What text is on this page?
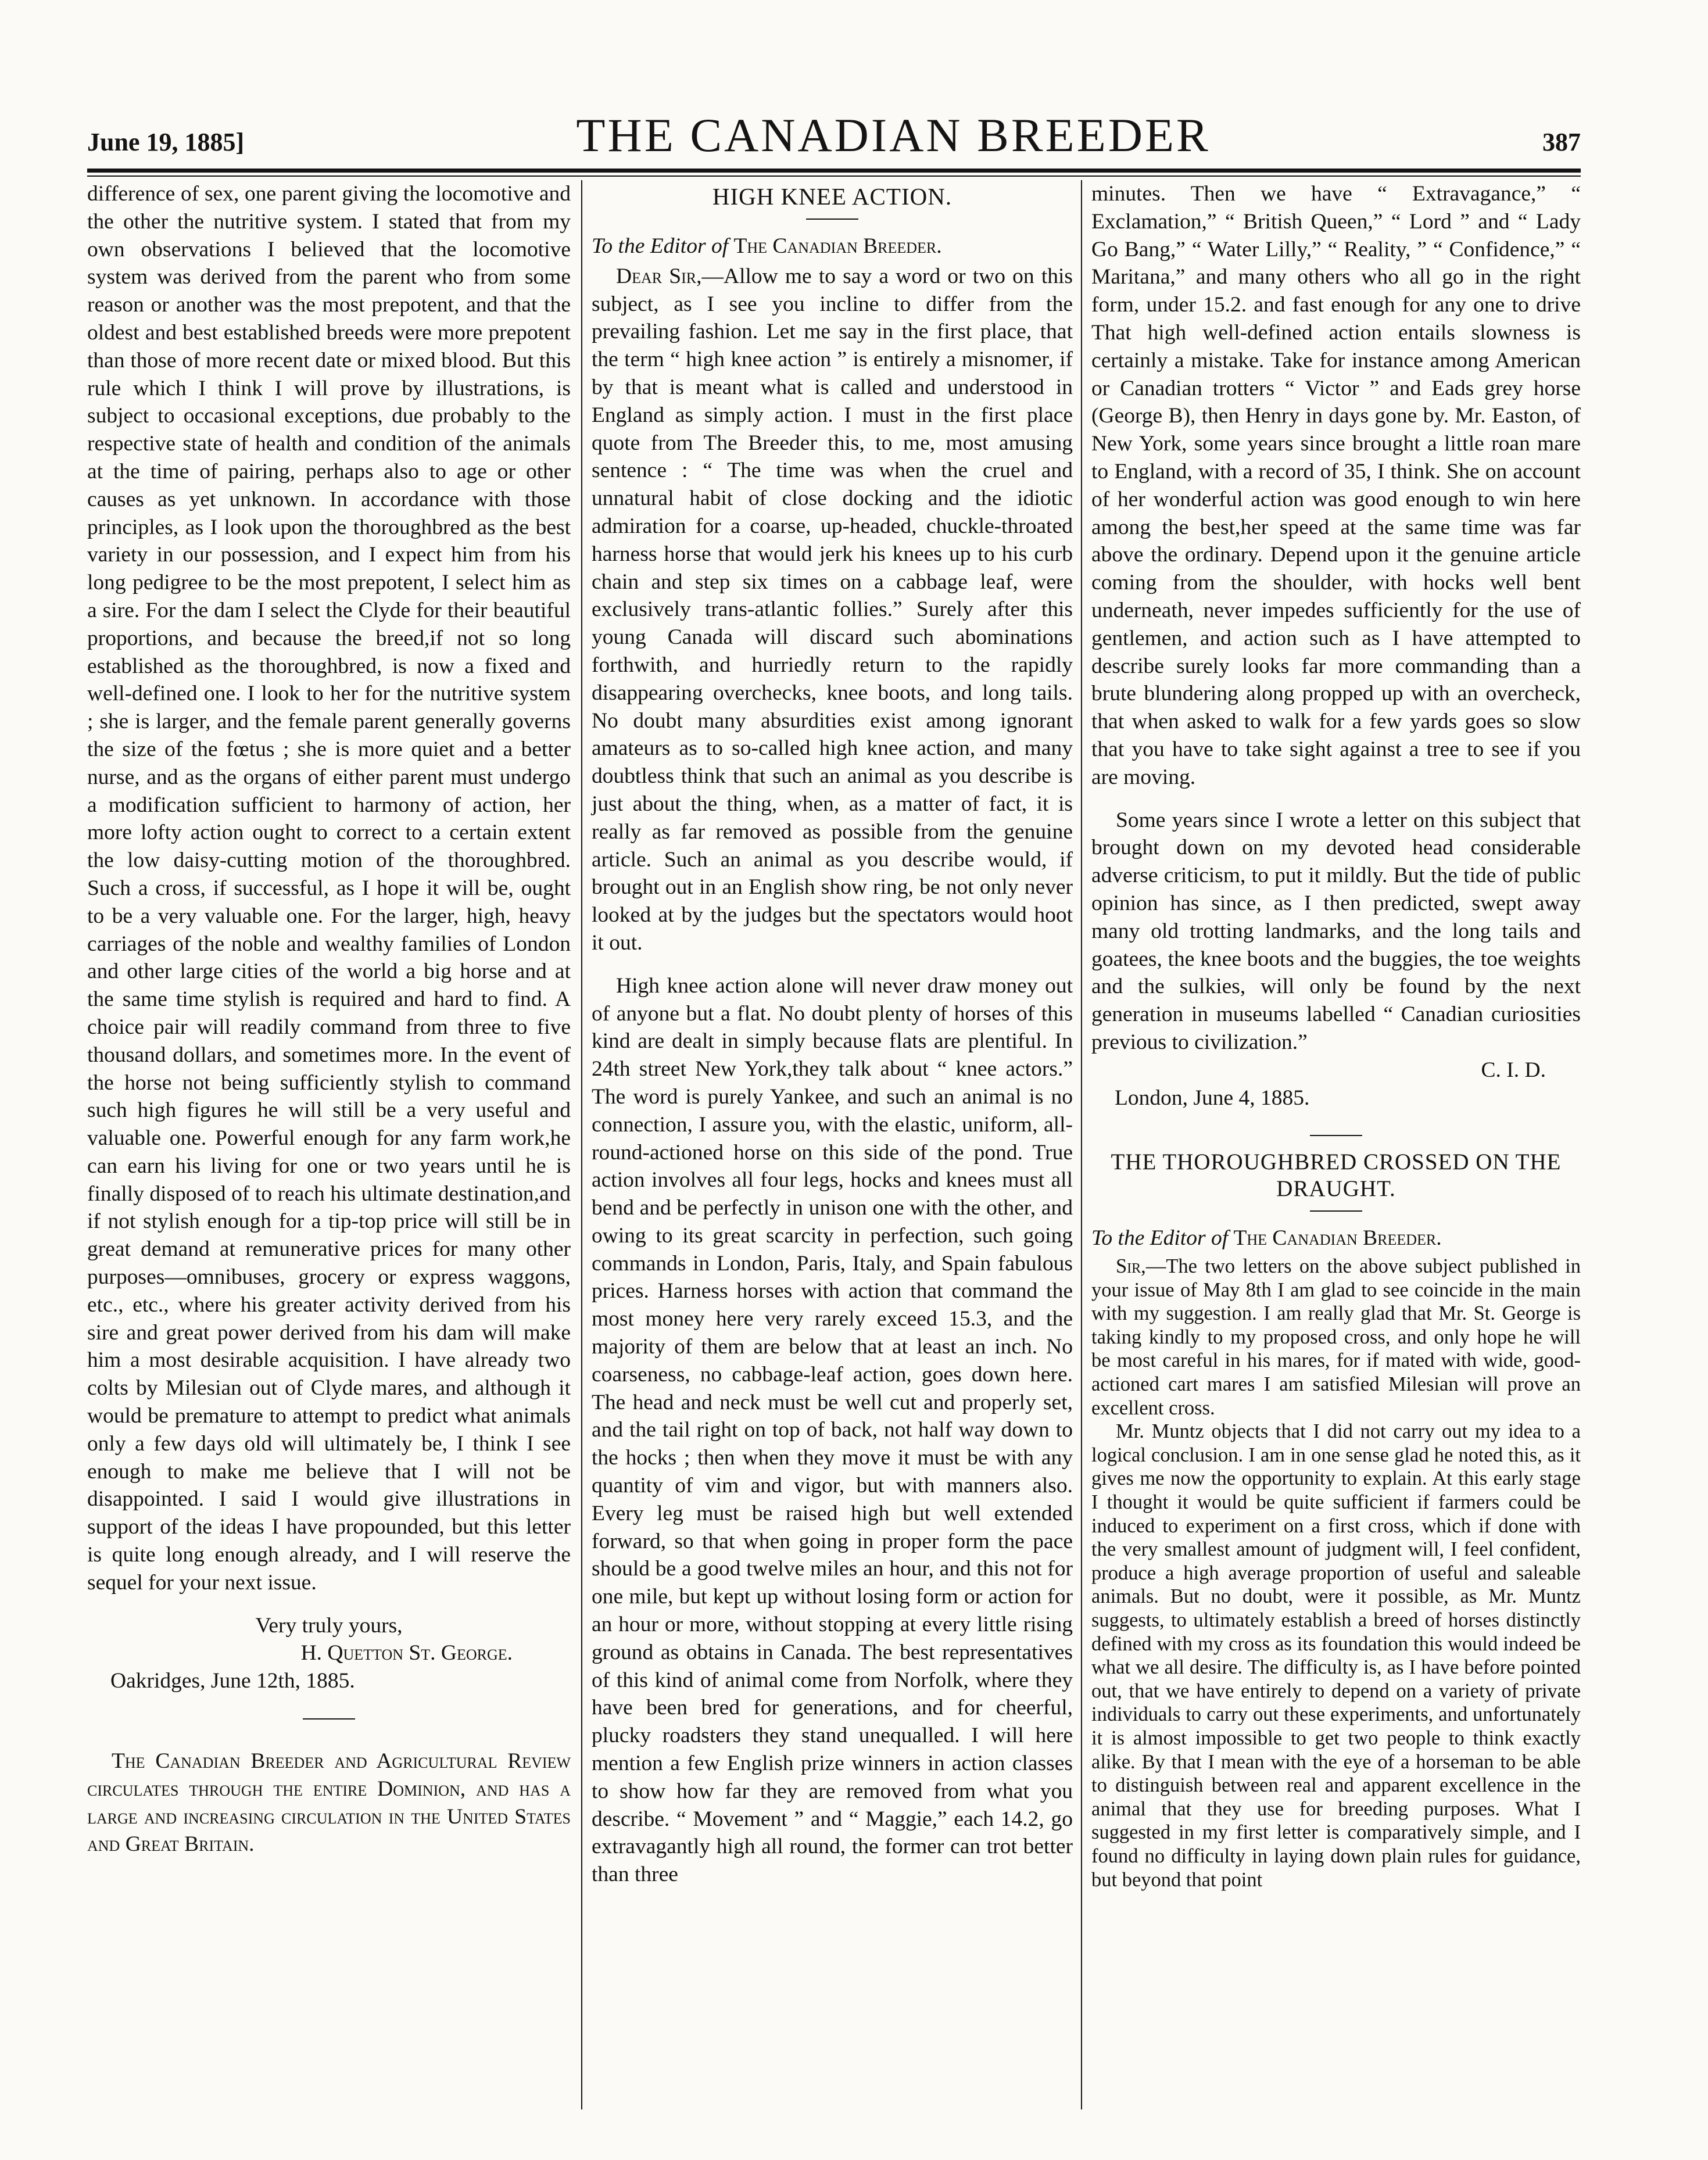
June 19, 1885]	THE CANADIAN BREEDER	387

difference of sex, one parent giving the locomotive and the other the nutritive system. I stated that from my own observations I believed that the locomotive system was derived from the parent who from some reason or another was the most prepotent, and that the oldest and best established breeds were more prepotent than those of more recent date or mixed blood. But this rule which I think I will prove by illustrations, is subject to occasional exceptions, due probably to the respective state of health and condition of the animals at the time of pairing, perhaps also to age or other causes as yet unknown. In accordance with those principles, as I look upon the thoroughbred as the best variety in our possession, and I expect him from his long pedigree to be the most prepotent, I select him as a sire. For the dam I select the Clyde for their beautiful proportions, and because the breed,if not so long established as the thoroughbred, is now a fixed and well-defined one. I look to her for the nutritive system ; she is larger, and the female parent generally governs the size of the fœtus ; she is more quiet and a better nurse, and as the organs of either parent must undergo a modification sufficient to harmony of action, her more lofty action ought to correct to a certain extent the low daisy-cutting motion of the thoroughbred. Such a cross, if successful, as I hope it will be, ought to be a very valuable one. For the larger, high, heavy carriages of the noble and wealthy families of London and other large cities of the world a big horse and at the same time stylish is required and hard to find. A choice pair will readily command from three to five thousand dollars, and sometimes more. In the event of the horse not being sufficiently stylish to command such high figures he will still be a very useful and valuable one. Powerful enough for any farm work,he can earn his living for one or two years until he is finally disposed of to reach his ultimate destination,and if not stylish enough for a tip-top price will still be in great demand at remunerative prices for many other purposes—omnibuses, grocery or express waggons, etc., etc., where his greater activity derived from his sire and great power derived from his dam will make him a most desirable acquisition. I have already two colts by Milesian out of Clyde mares, and although it would be premature to attempt to predict what animals only a few days old will ultimately be, I think I see enough to make me believe that I will not be disappointed. I said I would give illustrations in support of the ideas I have propounded, but this letter is quite long enough already, and I will reserve the sequel for your next issue.

Very truly yours,

H. Quetton St. George.

Oakridges, June 12th, 1885.

The Canadian Breeder and Agricultural Review circulates through the entire Dominion, and has a large and increasing circulation in the United States and Great Britain.

HIGH KNEE ACTION.

To the Editor of The Canadian Breeder.

Dear Sir,—Allow me to say a word or two on this subject, as I see you incline to differ from the prevailing fashion. Let me say in the first place, that the term “ high knee action ” is entirely a misnomer, if by that is meant what is called and understood in England as simply action. I must in the first place quote from The Breeder this, to me, most amusing sentence : “ The time was when the cruel and unnatural habit of close docking and the idiotic admiration for a coarse, up-headed, chuckle-throated harness horse that would jerk his knees up to his curb chain and step six times on a cabbage leaf, were exclusively trans-atlantic follies.” Surely after this young Canada will discard such abominations forthwith, and hurriedly return to the rapidly disappearing overchecks, knee boots, and long tails. No doubt many absurdities exist among ignorant amateurs as to so-called high knee action, and many doubtless think that such an animal as you describe is just about the thing, when, as a matter of fact, it is really as far removed as possible from the genuine article. Such an animal as you describe would, if brought out in an English show ring, be not only never looked at by the judges but the spectators would hoot it out.

High knee action alone will never draw money out of anyone but a flat. No doubt plenty of horses of this kind are dealt in simply because flats are plentiful. In 24th street New York,they talk about “ knee actors.” The word is purely Yankee, and such an animal is no connection, I assure you, with the elastic, uniform, all-round-actioned horse on this side of the pond. True action involves all four legs, hocks and knees must all bend and be perfectly in unison one with the other, and owing to its great scarcity in perfection, such going commands in London, Paris, Italy, and Spain fabulous prices. Harness horses with action that command the most money here very rarely exceed 15.3, and the majority of them are below that at least an inch. No coarseness, no cabbage-leaf action, goes down here. The head and neck must be well cut and properly set, and the tail right on top of back, not half way down to the hocks ; then when they move it must be with any quantity of vim and vigor, but with manners also. Every leg must be raised high but well extended forward, so that when going in proper form the pace should be a good twelve miles an hour, and this not for one mile, but kept up without losing form or action for an hour or more, without stopping at every little rising ground as obtains in Canada. The best representatives of this kind of animal come from Norfolk, where they have been bred for generations, and for cheerful, plucky roadsters they stand unequalled. I will here mention a few English prize winners in action classes to show how far they are removed from what you describe. “ Movement ” and “ Maggie,” each 14.2, go extravagantly high all round, the former can trot better than three

minutes. Then we have “ Extravagance,” “ Exclamation,” “ British Queen,” “ Lord ” and “ Lady Go Bang,” “ Water Lilly,” “ Reality, ” “ Confidence,” “ Maritana,” and many others who all go in the right form, under 15.2. and fast enough for any one to drive That high well-defined action entails slowness is certainly a mistake. Take for instance among American or Canadian trotters “ Victor ” and Eads grey horse (George B), then Henry in days gone by. Mr. Easton, of New York, some years since brought a little roan mare to England, with a record of 35, I think. She on account of her wonderful action was good enough to win here among the best,her speed at the same time was far above the ordinary. Depend upon it the genuine article coming from the shoulder, with hocks well bent underneath, never impedes sufficiently for the use of gentlemen, and action such as I have attempted to describe surely looks far more commanding than a brute blundering along propped up with an overcheck, that when asked to walk for a few yards goes so slow that you have to take sight against a tree to see if you are moving.

Some years since I wrote a letter on this subject that brought down on my devoted head considerable adverse criticism, to put it mildly. But the tide of public opinion has since, as I then predicted, swept away many old trotting landmarks, and the long tails and goatees, the knee boots and the buggies, the toe weights and the sulkies, will only be found by the next generation in museums labelled “ Canadian curiosities previous to civilization.”

C. I. D.

London, June 4, 1885.

THE THOROUGHBRED CROSSED ON THE DRAUGHT.

To the Editor of The Canadian Breeder.

Sir,—The two letters on the above subject published in your issue of May 8th I am glad to see coincide in the main with my suggestion. I am really glad that Mr. St. George is taking kindly to my proposed cross, and only hope he will be most careful in his mares, for if mated with wide, good-actioned cart mares I am satisfied Milesian will prove an excellent cross.

Mr. Muntz objects that I did not carry out my idea to a logical conclusion. I am in one sense glad he noted this, as it gives me now the opportunity to explain. At this early stage I thought it would be quite sufficient if farmers could be induced to experiment on a first cross, which if done with the very smallest amount of judgment will, I feel confident, produce a high average proportion of useful and saleable animals. But no doubt, were it possible, as Mr. Muntz suggests, to ultimately establish a breed of horses distinctly defined with my cross as its foundation this would indeed be what we all desire. The difficulty is, as I have before pointed out, that we have entirely to depend on a variety of private individuals to carry out these experiments, and unfortunately it is almost impossible to get two people to think exactly alike. By that I mean with the eye of a horseman to be able to distinguish between real and apparent excellence in the animal that they use for breeding purposes. What I suggested in my first letter is comparatively simple, and I found no difficulty in laying down plain rules for guidance, but beyond that point
